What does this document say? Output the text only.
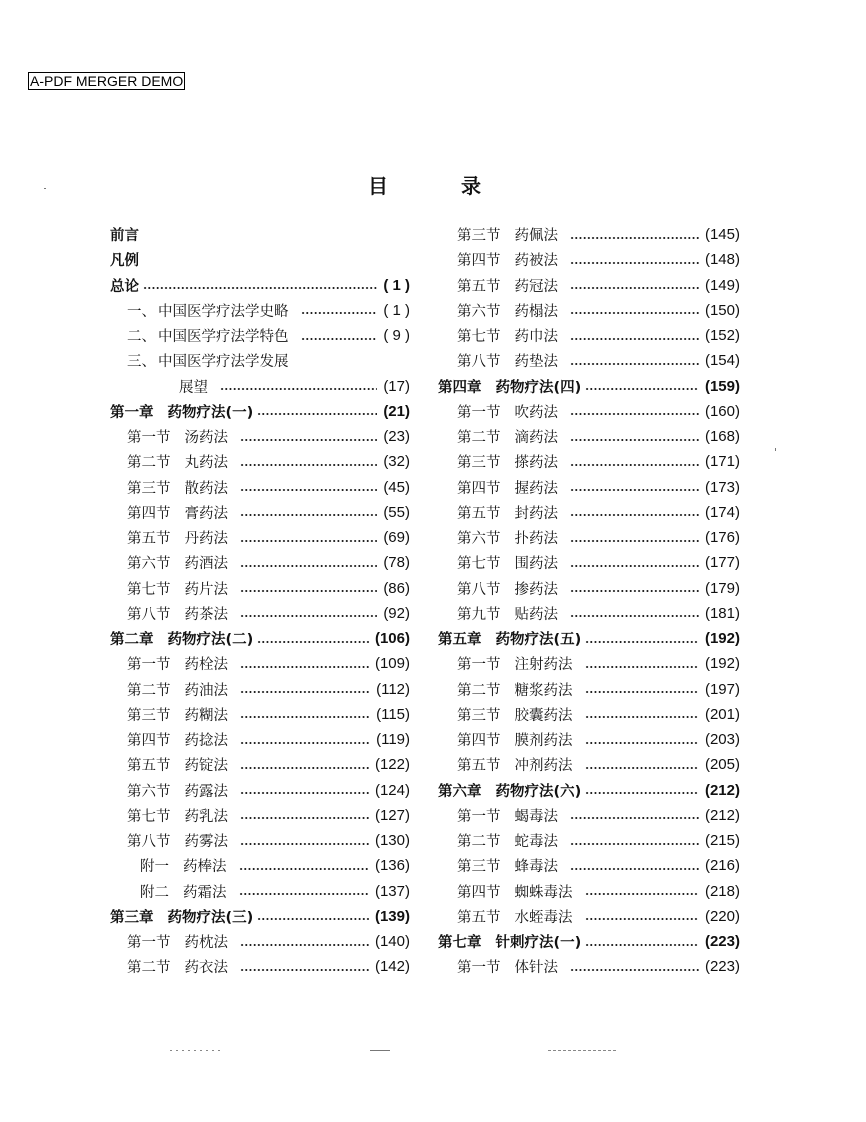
A-PDF MERGER DEMO
目	录
前言
凡例
总论	( 1 )
一、 中国医学疗法学史略	( 1 )
二、 中国医学疗法学特色	( 9 )
三、 中国医学疗法学发展
展望	(17)
第一章 药物疗法(一)	(21)
第一节 汤药法	(23)
第二节 丸药法	(32)
第三节 散药法	(45)
第四节 膏药法	(55)
第五节 丹药法	(69)
第六节 药酒法	(78)
第七节 药片法	(86)
第八节 药茶法	(92)
第二章 药物疗法(二)	(106)
第一节 药栓法	(109)
第二节 药油法	(112)
第三节 药糊法	(115)
第四节 药捻法	(119)
第五节 药锭法	(122)
第六节 药露法	(124)
第七节 药乳法	(127)
第八节 药雾法	(130)
附一 药棒法	(136)
附二 药霜法	(137)
第三章 药物疗法(三)	(139)
第一节 药枕法	(140)
第二节 药衣法	(142)
第三节 药佩法	(145)
第四节 药被法	(148)
第五节 药冠法	(149)
第六节 药榻法	(150)
第七节 药巾法	(152)
第八节 药垫法	(154)
第四章 药物疗法(四)	(159)
第一节 吹药法	(160)
第二节 滴药法	(168)
第三节 搽药法	(171)
第四节 握药法	(173)
第五节 封药法	(174)
第六节 扑药法	(176)
第七节 围药法	(177)
第八节 掺药法	(179)
第九节 贴药法	(181)
第五章 药物疗法(五)	(192)
第一节 注射药法	(192)
第二节 糖浆药法	(197)
第三节 胶囊药法	(201)
第四节 膜剂药法	(203)
第五节 冲剂药法	(205)
第六章 药物疗法(六)	(212)
第一节 蝎毒法	(212)
第二节 蛇毒法	(215)
第三节 蜂毒法	(216)
第四节 蜘蛛毒法	(218)
第五节 水蛭毒法	(220)
第七章 针刺疗法(一)	(223)
第一节 体针法	(223)
